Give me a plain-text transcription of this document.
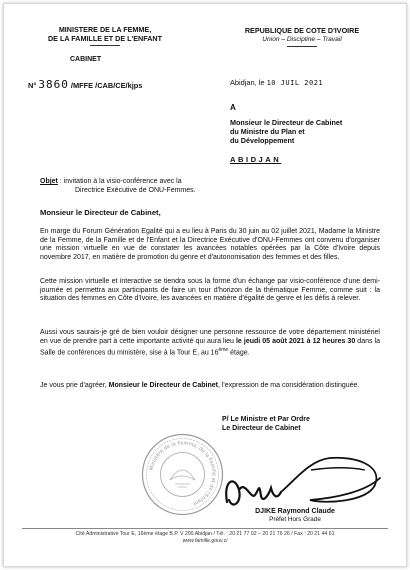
MINISTERE DE LA FEMME,
DE LA FAMILLE ET DE L'ENFANT
CABINET
REPUBLIQUE DE COTE D'IVOIRE
Union – Discipline – Travail
N° 3860 /MFFE /CAB/CE/kjps	Abidjan, le 10 JUIL 2021
A
Monsieur le Directeur de Cabinet
du Ministre du Plan et
du Développement
ABIDJAN
Objet : invitation à la visio-conférence avec la
Directrice Exécutive de ONU-Femmes.
Monsieur le Directeur de Cabinet,
En marge du Forum Génération Egalité qui a eu lieu à Paris du 30 juin au 02 juillet 2021, Madame la Ministre de la Femme, de la Famille et de l'Enfant et la Directrice Exécutive d'ONU-Femmes ont convenu d'organiser une mission virtuelle en vue de constater les avancées notables opérées par la Côte d'Ivoire depuis novembre 2017, en matière de promotion du genre et d'autonomisation des femmes et des filles.
Cette mission virtuelle et interactive se tiendra sous la forme d'un échange par visio-conférence d'une demi-journée et permettra aux participants de faire un tour d'horizon de la thématique Femme, comme suit : la situation des femmes en Côte d'Ivoire, les avancées en matière d'égalité de genre et les défis à relever.
Aussi vous saurais-je gré de bien vouloir désigner une personne ressource de votre département ministériel en vue de prendre part à cette importante activité qui aura lieu le jeudi 05 août 2021 à 12 heures 30 dans la Salle de conférences du ministère, sise à la Tour E, au 16ème étage.
Je vous prie d'agréer, Monsieur le Directeur de Cabinet, l'expression de ma considération distinguée.
P/ Le Ministre et Par Ordre
Le Directeur de Cabinet
Ministère de la Femme, de la Famille et de l'Enfant
DJIKE Raymond Claude
Préfet Hors Grade
Cité Administrative Tour E, 16ème étage B.P. V 200 Abidjan / Tél. : 20 21 77 02 – 20 21 76 26 / Fax : 20 21 44 61
www.famille.gouv.ci
